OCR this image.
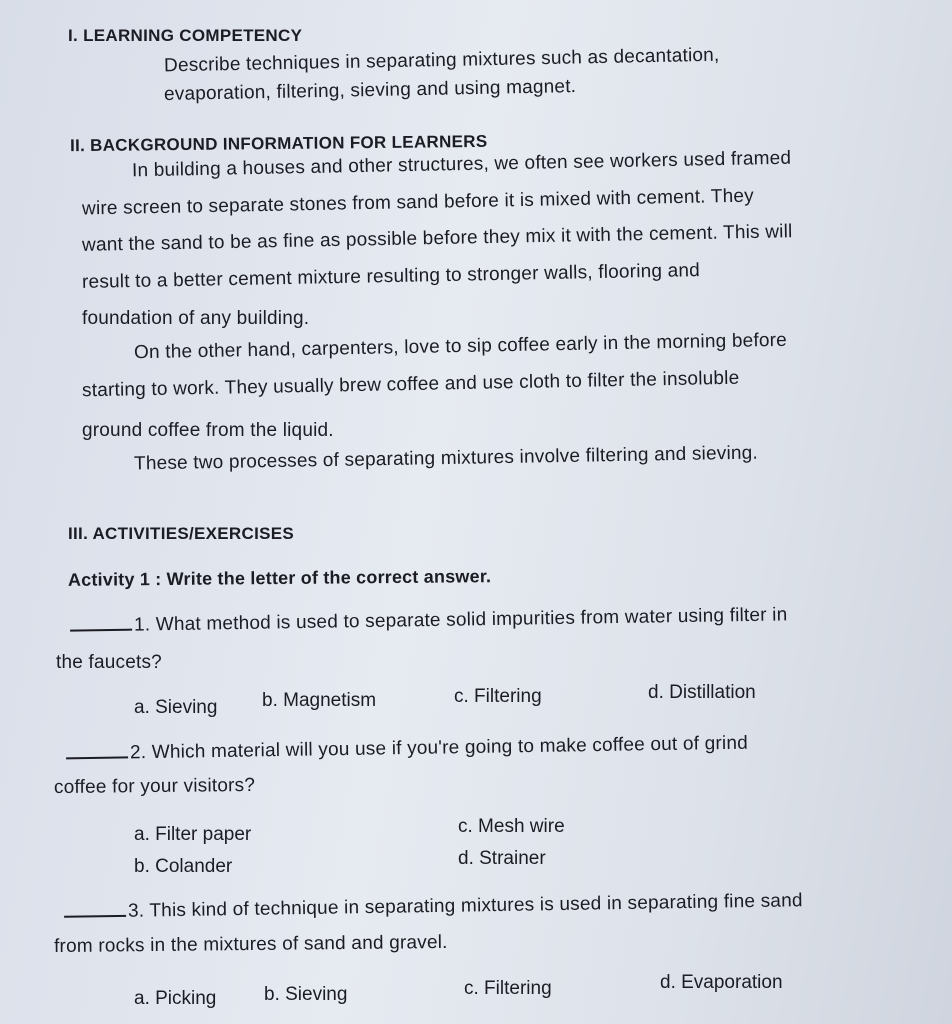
I. LEARNING COMPETENCY
Describe techniques in separating mixtures such as decantation,
evaporation, filtering, sieving and using magnet.
II. BACKGROUND INFORMATION FOR LEARNERS
In building a houses and other structures, we often see workers used framed
wire screen to separate stones from sand before it is mixed with cement. They
want the sand to be as fine as possible before they mix it with the cement. This will
result to a better cement mixture resulting to stronger walls, flooring and
foundation of any building.
On the other hand, carpenters, love to sip coffee early in the morning before
starting to work. They usually brew coffee and use cloth to filter the insoluble
ground coffee from the liquid.
These two processes of separating mixtures involve filtering and sieving.
III. ACTIVITIES/EXERCISES
Activity 1 : Write the letter of the correct answer.
1. What method is used to separate solid impurities from water using filter in
the faucets?
a. Sieving b. Magnetism	c. Filtering	d. Distillation
2. Which material will you use if you're going to make coffee out of grind
coffee for your visitors?
a. Filter paper
b. Colander
c. Mesh wire
d. Strainer
3. This kind of technique in separating mixtures is used in separating fine sand
from rocks in the mixtures of sand and gravel.
a. Picking	b. Sieving	c. Filtering	d. Evaporation
